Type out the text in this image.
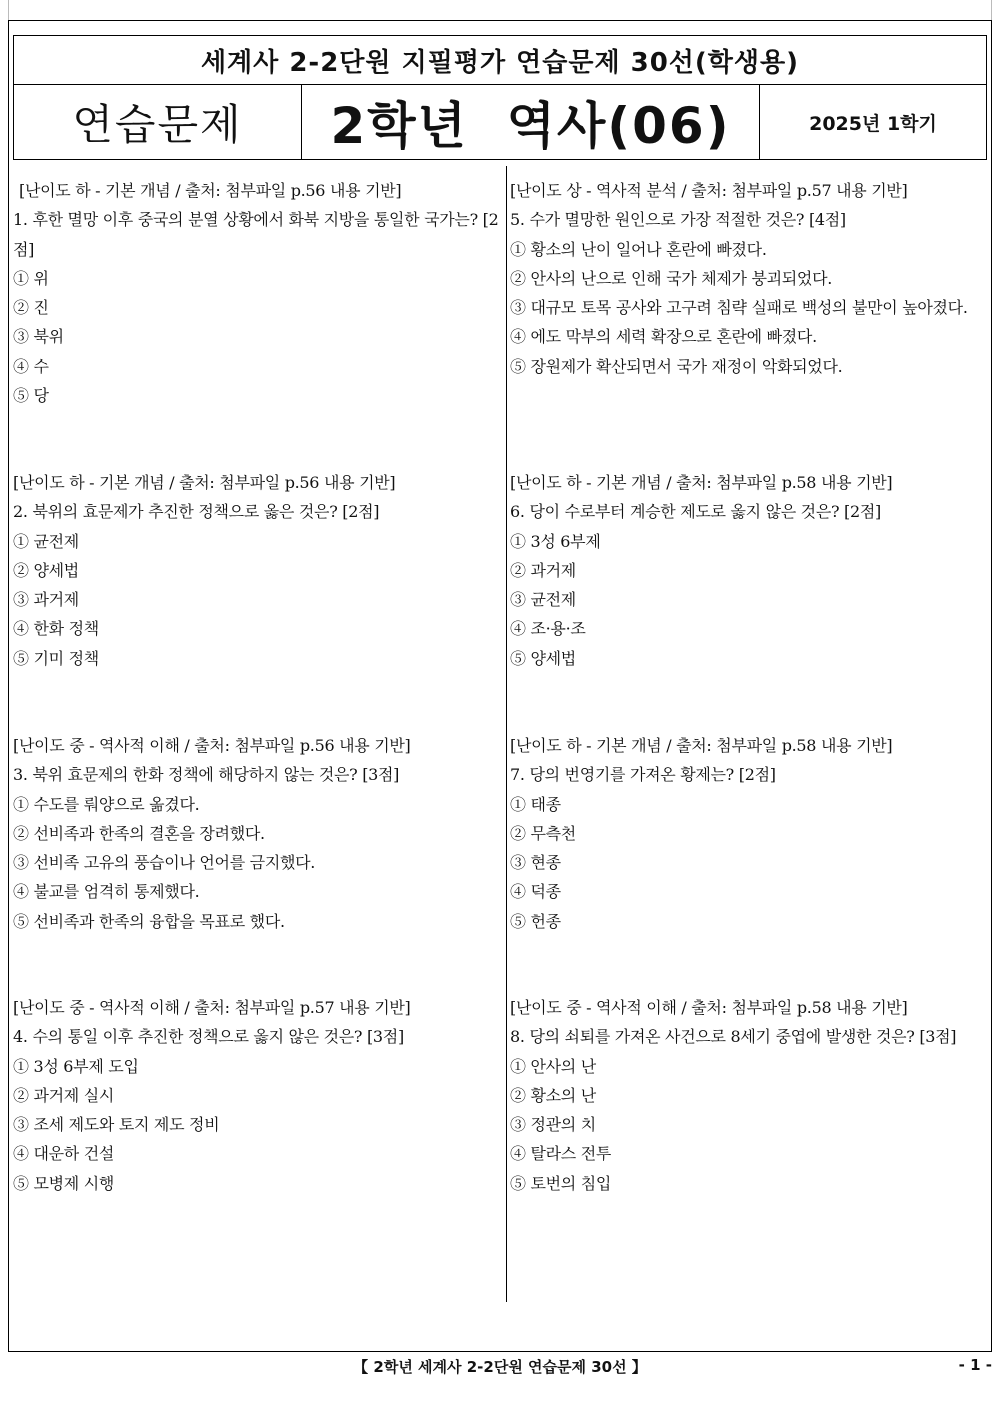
세계사 2-2단원 지필평가 연습문제 30선(학생용)
연습문제 2학년  역사(06)	2025년 1학기
[난이도 하 - 기본 개념 / 출처: 첨부파일 p.56 내용 기반]
1. 후한 멸망 이후 중국의 분열 상황에서 화북 지방을 통일한 국가는? [2점]
① 위
② 진
③ 북위
④ 수
⑤ 당
[난이도 하 - 기본 개념 / 출처: 첨부파일 p.56 내용 기반]
2. 북위의 효문제가 추진한 정책으로 옳은 것은? [2점]
① 균전제
② 양세법
③ 과거제
④ 한화 정책
⑤ 기미 정책
[난이도 중 - 역사적 이해 / 출처: 첨부파일 p.56 내용 기반]
3. 북위 효문제의 한화 정책에 해당하지 않는 것은? [3점]
① 수도를 뤄양으로 옮겼다.
② 선비족과 한족의 결혼을 장려했다.
③ 선비족 고유의 풍습이나 언어를 금지했다.
④ 불교를 엄격히 통제했다.
⑤ 선비족과 한족의 융합을 목표로 했다.
[난이도 중 - 역사적 이해 / 출처: 첨부파일 p.57 내용 기반]
4. 수의 통일 이후 추진한 정책으로 옳지 않은 것은? [3점]
① 3성 6부제 도입
② 과거제 실시
③ 조세 제도와 토지 제도 정비
④ 대운하 건설
⑤ 모병제 시행
[난이도 상 - 역사적 분석 / 출처: 첨부파일 p.57 내용 기반]
5. 수가 멸망한 원인으로 가장 적절한 것은? [4점]
① 황소의 난이 일어나 혼란에 빠졌다.
② 안사의 난으로 인해 국가 체제가 붕괴되었다.
③ 대규모 토목 공사와 고구려 침략 실패로 백성의 불만이 높아졌다.
④ 에도 막부의 세력 확장으로 혼란에 빠졌다.
⑤ 장원제가 확산되면서 국가 재정이 악화되었다.
[난이도 하 - 기본 개념 / 출처: 첨부파일 p.58 내용 기반]
6. 당이 수로부터 계승한 제도로 옳지 않은 것은? [2점]
① 3성 6부제
② 과거제
③ 균전제
④ 조·용·조
⑤ 양세법
[난이도 하 - 기본 개념 / 출처: 첨부파일 p.58 내용 기반]
7. 당의 번영기를 가져온 황제는? [2점]
① 태종
② 무측천
③ 현종
④ 덕종
⑤ 헌종
[난이도 중 - 역사적 이해 / 출처: 첨부파일 p.58 내용 기반]
8. 당의 쇠퇴를 가져온 사건으로 8세기 중엽에 발생한 것은? [3점]
① 안사의 난
② 황소의 난
③ 정관의 치
④ 탈라스 전투
⑤ 토번의 침입
【 2학년 세계사 2-2단원 연습문제 30선 】	- 1 -
